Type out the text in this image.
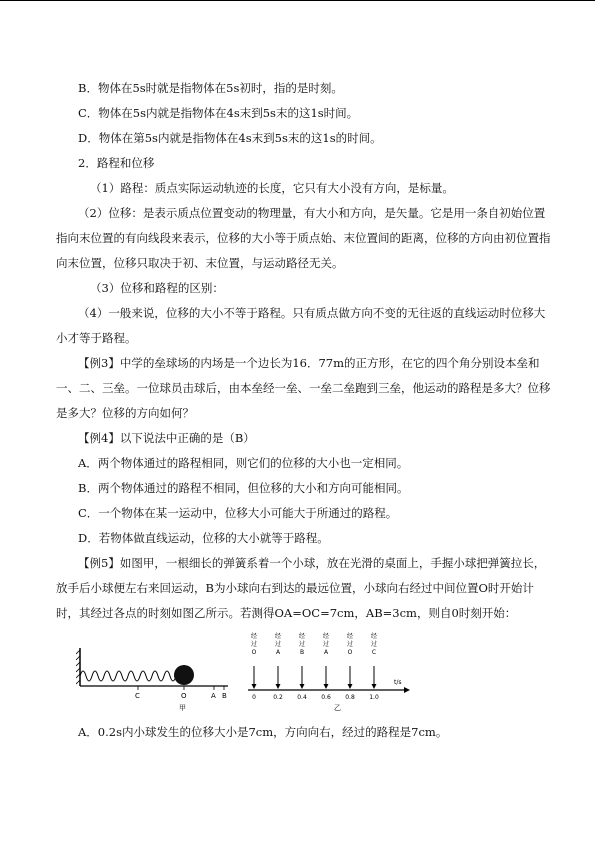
B．物体在5s时就是指物体在5s初时，指的是时刻。

C．物体在5s内就是指物体在4s末到5s末的这1s时间。

D．物体在第5s内就是指物体在4s末到5s末的这1s的时间。

2．路程和位移

（1）路程：质点实际运动轨迹的长度，它只有大小没有方向，是标量。

（2）位移：是表示质点位置变动的物理量，有大小和方向，是矢量。它是用一条自初始位置指向末位置的有向线段来表示，位移的大小等于质点始、末位置间的距离，位移的方向由初位置指向末位置，位移只取决于初、末位置，与运动路径无关。

（3）位移和路程的区别：

（4）一般来说，位移的大小不等于路程。只有质点做方向不变的无往返的直线运动时位移大小才等于路程。

【例3】中学的垒球场的内场是一个边长为16．77m的正方形，在它的四个角分别设本垒和一、二、三垒。一位球员击球后，由本垒经一垒、一垒二垒跑到三垒，他运动的路程是多大？位移是多大？位移的方向如何？

【例4】以下说法中正确的是（B）

A．两个物体通过的路程相同，则它们的位移的大小也一定相同。

B．两个物体通过的路程不相同，但位移的大小和方向可能相同。

C．一个物体在某一运动中，位移大小可能大于所通过的路程。

D．若物体做直线运动，位移的大小就等于路程。

【例5】如图甲，一根细长的弹簧系着一个小球，放在光滑的桌面上，手握小球把弹簧拉长，放手后小球便左右来回运动，B为小球向右到达的最远位置，小球向右经过中间位置O时开始计时，其经过各点的时刻如图乙所示。若测得OA=OC=7cm，AB=3cm，则自0时刻开始：

C	O	A B
甲
t/s
经过 O
0
经过 A
0.2
经过 B
0.4
经过 A
0.6
经过 O
0.8
经过 C
1.0
乙

A．0.2s内小球发生的位移大小是7cm，方向向右，经过的路程是7cm。
